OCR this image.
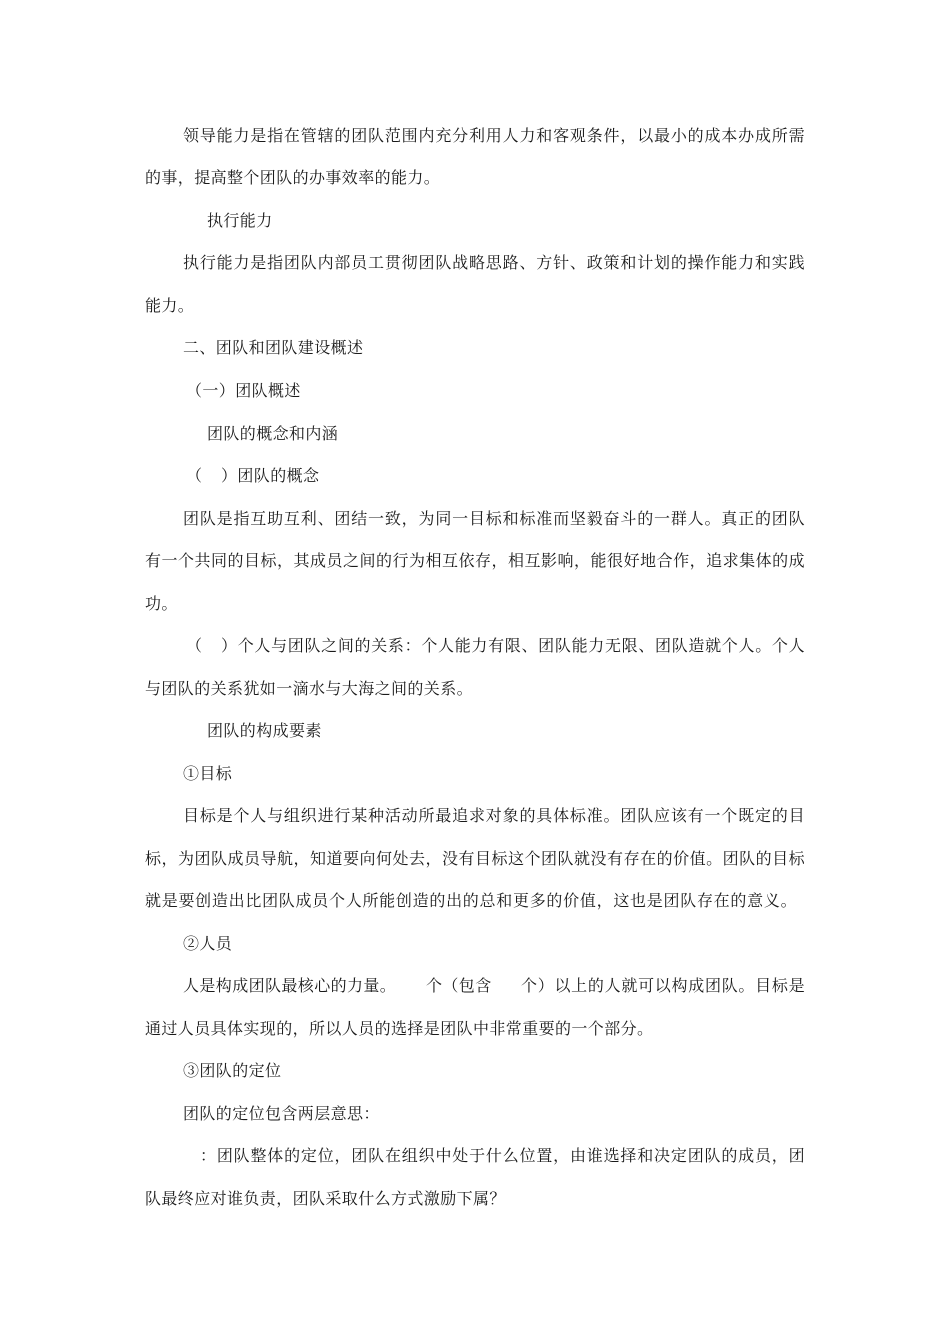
领导能力是指在管辖的团队范围内充分利用人力和客观条件，以最小的成本办成所需
的事，提高整个团队的办事效率的能力。
执行能力
执行能力是指团队内部员工贯彻团队战略思路、方针、政策和计划的操作能力和实践
能力。
二、团队和团队建设概述
（一）团队概述
团队的概念和内涵
（ ）团队的概念
团队是指互助互利、团结一致，为同一目标和标准而坚毅奋斗的一群人。真正的团队
有一个共同的目标，其成员之间的行为相互依存，相互影响，能很好地合作，追求集体的成
功。
（ ）个人与团队之间的关系：个人能力有限、团队能力无限、团队造就个人。个人
与团队的关系犹如一滴水与大海之间的关系。
团队的构成要素
①目标
目标是个人与组织进行某种活动所最追求对象的具体标准。团队应该有一个既定的目
标，为团队成员导航，知道要向何处去，没有目标这个团队就没有存在的价值。团队的目标
就是要创造出比团队成员个人所能创造的出的总和更多的价值，这也是团队存在的意义。
②人员
人是构成团队最核心的力量。 个（包含 个）以上的人就可以构成团队。目标是
通过人员具体实现的，所以人员的选择是团队中非常重要的一个部分。
③团队的定位
团队的定位包含两层意思：
：团队整体的定位，团队在组织中处于什么位置，由谁选择和决定团队的成员，团
队最终应对谁负责，团队采取什么方式激励下属？
